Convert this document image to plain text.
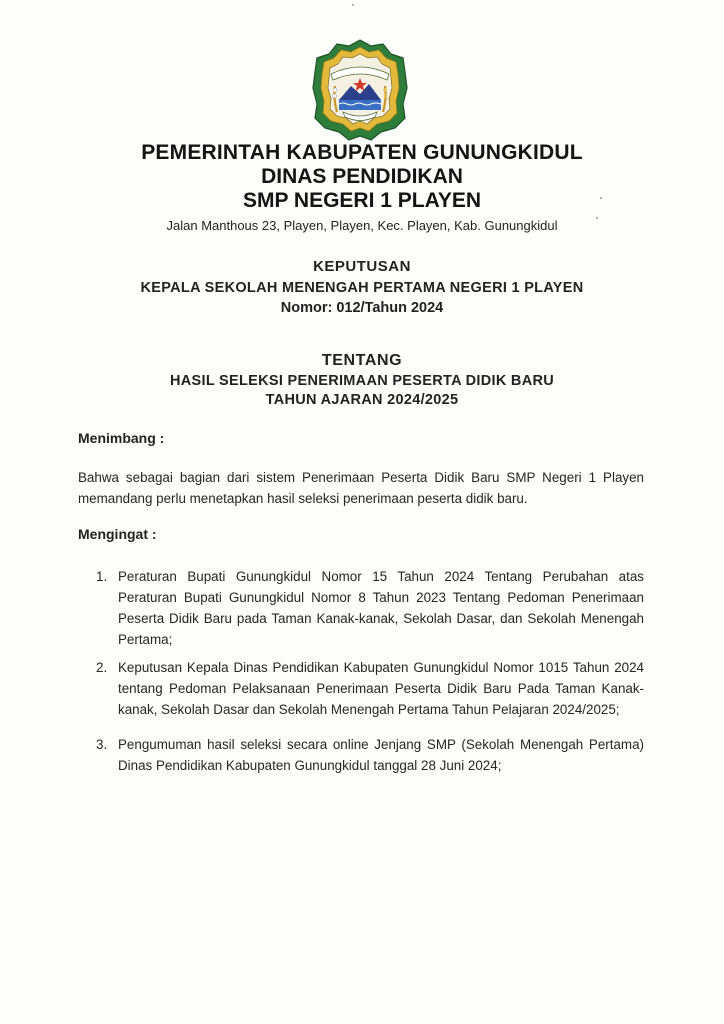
PEMERINTAH KABUPATEN GUNUNGKIDUL
DINAS PENDIDIKAN
SMP NEGERI 1 PLAYEN
Jalan Manthous 23, Playen, Playen, Kec. Playen, Kab. Gunungkidul
KEPUTUSAN
KEPALA SEKOLAH MENENGAH PERTAMA NEGERI 1 PLAYEN
Nomor: 012/Tahun 2024
TENTANG
HASIL SELEKSI PENERIMAAN PESERTA DIDIK BARU
TAHUN AJARAN 2024/2025
Menimbang :
Bahwa sebagai bagian dari sistem Penerimaan Peserta Didik Baru SMP Negeri 1 Playen memandang perlu menetapkan hasil seleksi penerimaan peserta didik baru.
Mengingat :
1. Peraturan Bupati Gunungkidul Nomor 15 Tahun 2024 Tentang Perubahan atas Peraturan Bupati Gunungkidul Nomor 8 Tahun 2023 Tentang Pedoman Penerimaan Peserta Didik Baru pada Taman Kanak-kanak, Sekolah Dasar, dan Sekolah Menengah Pertama;
2. Keputusan Kepala Dinas Pendidikan Kabupaten Gunungkidul Nomor 1015 Tahun 2024 tentang Pedoman Pelaksanaan Penerimaan Peserta Didik Baru Pada Taman Kanak-kanak, Sekolah Dasar dan Sekolah Menengah Pertama Tahun Pelajaran 2024/2025;
3. Pengumuman hasil seleksi secara online Jenjang SMP (Sekolah Menengah Pertama) Dinas Pendidikan Kabupaten Gunungkidul tanggal 28 Juni 2024;
